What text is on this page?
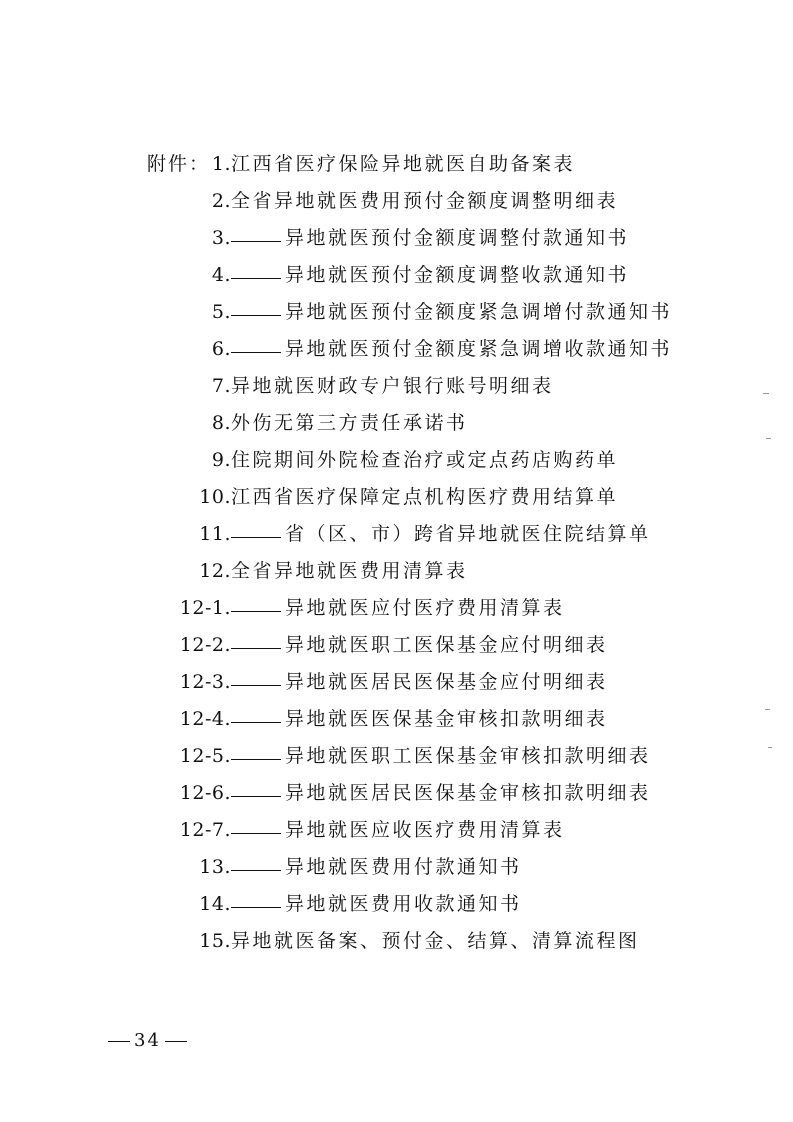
附件： 1. 江西省医疗保险异地就医自助备案表
2. 全省异地就医费用预付金额度调整明细表
3.	异地就医预付金额度调整付款通知书
4.	异地就医预付金额度调整收款通知书
5.	异地就医预付金额度紧急调增付款通知书
6.	异地就医预付金额度紧急调增收款通知书
7. 异地就医财政专户银行账号明细表
8. 外伤无第三方责任承诺书
9. 住院期间外院检查治疗或定点药店购药单
10. 江西省医疗保障定点机构医疗费用结算单
11.	省（区、市）跨省异地就医住院结算单
12. 全省异地就医费用清算表
12-1.	异地就医应付医疗费用清算表
12-2.	异地就医职工医保基金应付明细表
12-3.	异地就医居民医保基金应付明细表
12-4.	异地就医医保基金审核扣款明细表
12-5.	异地就医职工医保基金审核扣款明细表
12-6.	异地就医居民医保基金审核扣款明细表
12-7.	异地就医应收医疗费用清算表
13.	异地就医费用付款通知书
14.	异地就医费用收款通知书
15. 异地就医备案、预付金、结算、清算流程图
34
